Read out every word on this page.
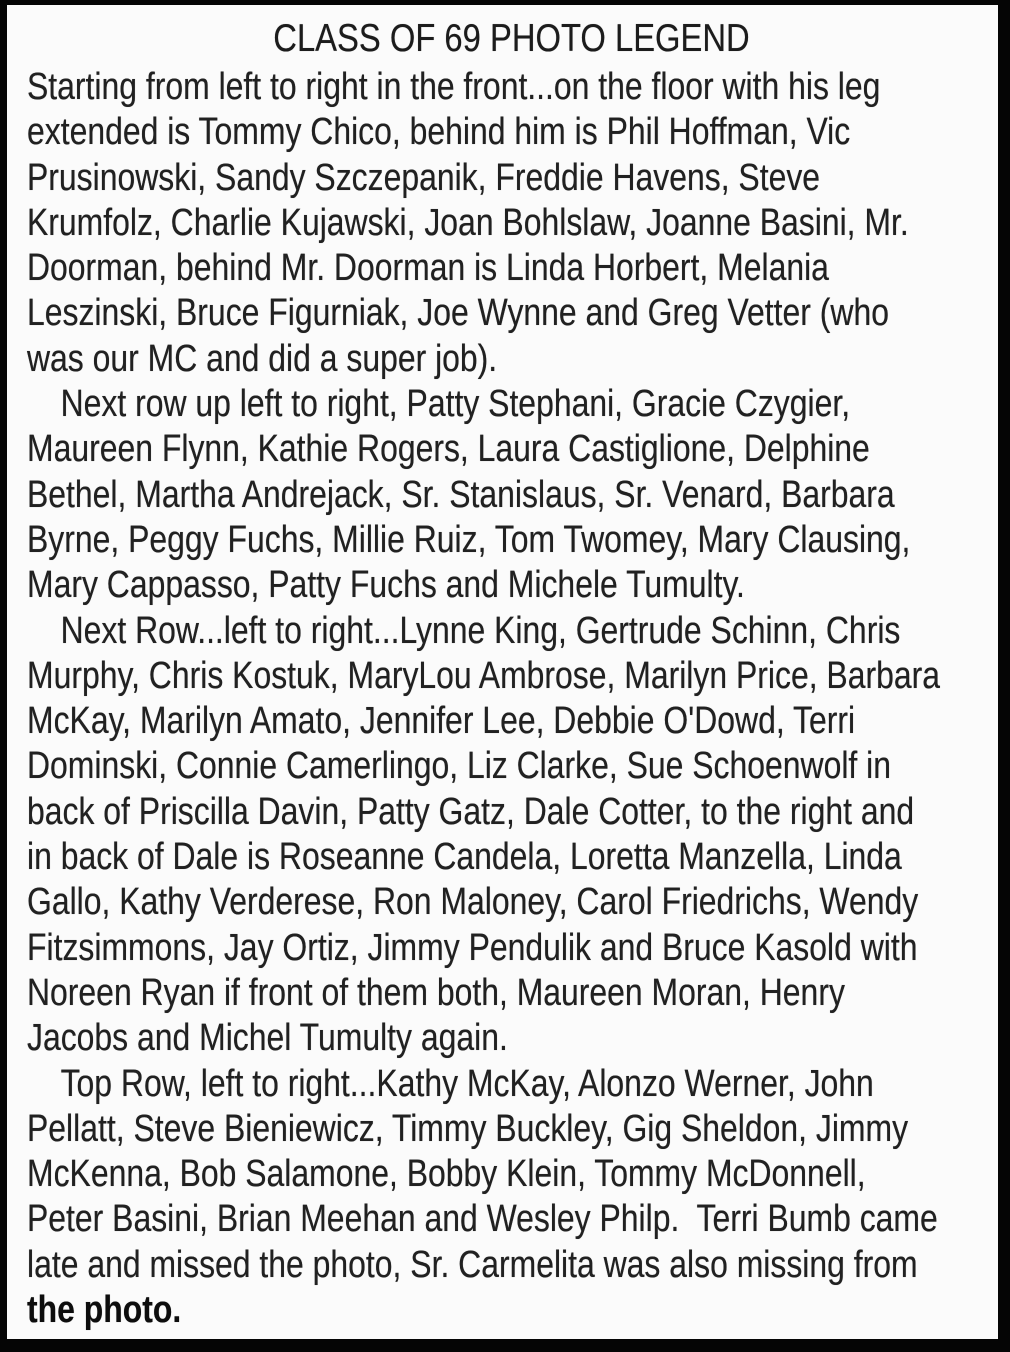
CLASS OF 69 PHOTO LEGEND
Starting from left to right in the front...on the floor with his leg
extended is Tommy Chico, behind him is Phil Hoffman, Vic
Prusinowski, Sandy Szczepanik, Freddie Havens, Steve
Krumfolz, Charlie Kujawski, Joan Bohlslaw, Joanne Basini, Mr.
Doorman, behind Mr. Doorman is Linda Horbert, Melania
Leszinski, Bruce Figurniak, Joe Wynne and Greg Vetter (who
was our MC and did a super job).
Next row up left to right, Patty Stephani, Gracie Czygier,
Maureen Flynn, Kathie Rogers, Laura Castiglione, Delphine
Bethel, Martha Andrejack, Sr. Stanislaus, Sr. Venard, Barbara
Byrne, Peggy Fuchs, Millie Ruiz, Tom Twomey, Mary Clausing,
Mary Cappasso, Patty Fuchs and Michele Tumulty.
Next Row...left to right...Lynne King, Gertrude Schinn, Chris
Murphy, Chris Kostuk, MaryLou Ambrose, Marilyn Price, Barbara
McKay, Marilyn Amato, Jennifer Lee, Debbie O'Dowd, Terri
Dominski, Connie Camerlingo, Liz Clarke, Sue Schoenwolf in
back of Priscilla Davin, Patty Gatz, Dale Cotter, to the right and
in back of Dale is Roseanne Candela, Loretta Manzella, Linda
Gallo, Kathy Verderese, Ron Maloney, Carol Friedrichs, Wendy
Fitzsimmons, Jay Ortiz, Jimmy Pendulik and Bruce Kasold with
Noreen Ryan if front of them both, Maureen Moran, Henry
Jacobs and Michel Tumulty again.
Top Row, left to right...Kathy McKay, Alonzo Werner, John
Pellatt, Steve Bieniewicz, Timmy Buckley, Gig Sheldon, Jimmy
McKenna, Bob Salamone, Bobby Klein, Tommy McDonnell,
Peter Basini, Brian Meehan and Wesley Philp.  Terri Bumb came
late and missed the photo, Sr. Carmelita was also missing from
the photo.
